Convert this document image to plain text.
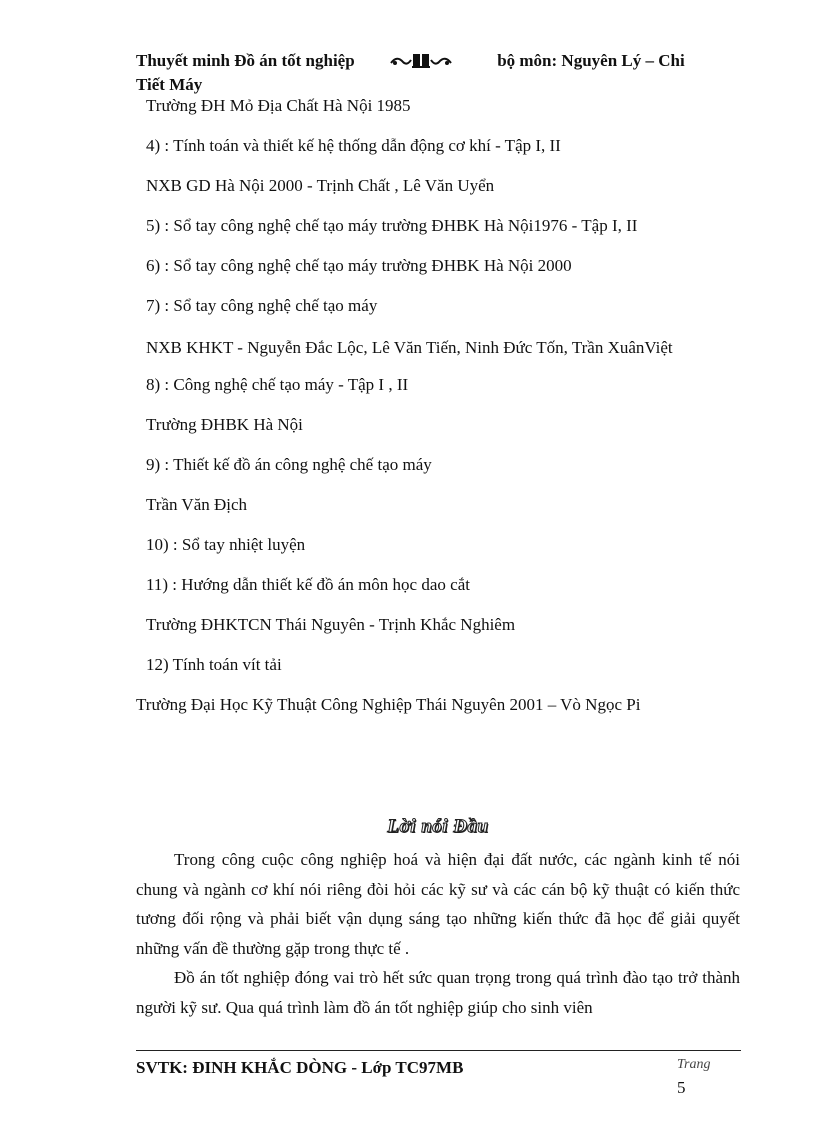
Thuyết minh Đồ án tốt nghiệp	bộ môn: Nguyên Lý – Chi
Tiết Máy
Trường ĐH Mỏ Địa Chất Hà Nội 1985
4) : Tính toán và thiết kế hệ thống dẫn động cơ khí - Tập I, II
NXB GD Hà Nội 2000 - Trịnh Chất , Lê Văn Uyển
5) : Sổ tay công nghệ chế tạo máy trường ĐHBK Hà Nội1976 - Tập I, II
6) : Sổ tay công nghệ chế tạo máy trường ĐHBK Hà Nội 2000
7) : Sổ tay công nghệ chế tạo máy
NXB KHKT - Nguyễn Đắc Lộc, Lê Văn Tiến, Ninh Đức Tốn, Trần XuânViệt
8) : Công nghệ chế tạo máy - Tập I , II
Trường ĐHBK Hà Nội
9) : Thiết kế đồ án công nghệ chế tạo máy
Trần Văn Địch
10) : Sổ tay nhiệt luyện
11) : Hướng dẫn thiết kế đồ án môn học dao cắt
Trường ĐHKTCN Thái Nguyên - Trịnh Khắc Nghiêm
12) Tính toán vít tải
Trường Đại Học Kỹ Thuật Công Nghiệp Thái Nguyên 2001 – Vò Ngọc Pi
Lời nói Đầu

Trong công cuộc công nghiệp hoá và hiện đại đất nước, các ngành kinh tế nói chung và ngành cơ khí nói riêng đòi hỏi các kỹ sư và các cán bộ kỹ thuật có kiến thức tương đối rộng và phải biết vận dụng sáng tạo những kiến thức đã học để giải quyết những vấn đề thường gặp trong thực tế .

Đồ án tốt nghiệp đóng vai trò hết sức quan trọng trong quá trình đào tạo trở thành người kỹ sư. Qua quá trình làm đồ án tốt nghiệp giúp cho sinh viên

SVTK: ĐINH KHẮC DÒNG - Lớp TC97MB	Trang
5
